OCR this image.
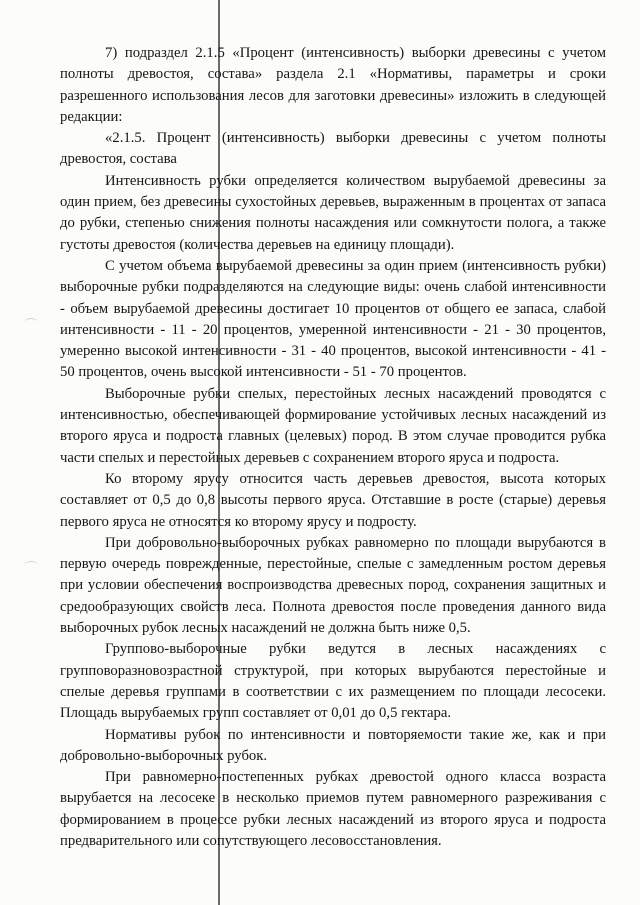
7) подраздел 2.1.5 «Процент (интенсивность) выборки древесины с учетом полноты древостоя, состава» раздела 2.1 «Нормативы, параметры и сроки разрешенного использования лесов для заготовки древесины» изложить в следующей редакции:

«2.1.5. Процент (интенсивность) выборки древесины с учетом полноты древостоя, состава

Интенсивность рубки определяется количеством вырубаемой древесины за один прием, без древесины сухостойных деревьев, выраженным в процентах от запаса до рубки, степенью снижения полноты насаждения или сомкнутости полога, а также густоты древостоя (количества деревьев на единицу площади).

С учетом объема вырубаемой древесины за один прием (интенсивность рубки) выборочные рубки подразделяются на следующие виды: очень слабой интенсивности - объем вырубаемой древесины достигает 10 процентов от общего ее запаса, слабой интенсивности - 11 - 20 процентов, умеренной интенсивности - 21 - 30 процентов, умеренно высокой интенсивности - 31 - 40 процентов, высокой интенсивности - 41 - 50 процентов, очень высокой интенсивности - 51 - 70 процентов.

Выборочные рубки спелых, перестойных лесных насаждений проводятся с интенсивностью, обеспечивающей формирование устойчивых лесных насаждений из второго яруса и подроста главных (целевых) пород. В этом случае проводится рубка части спелых и перестойных деревьев с сохранением второго яруса и подроста.

Ко второму ярусу относится часть деревьев древостоя, высота которых составляет от 0,5 до 0,8 высоты первого яруса. Отставшие в росте (старые) деревья первого яруса не относятся ко второму ярусу и подросту.

При добровольно-выборочных рубках равномерно по площади вырубаются в первую очередь поврежденные, перестойные, спелые с замедленным ростом деревья при условии обеспечения воспроизводства древесных пород, сохранения защитных и средообразующих свойств леса. Полнота древостоя после проведения данного вида выборочных рубок лесных насаждений не должна быть ниже 0,5.

Группово-выборочные рубки ведутся в лесных насаждениях с групповоразновозрастной структурой, при которых вырубаются перестойные и спелые деревья группами в соответствии с их размещением по площади лесосеки. Площадь вырубаемых групп составляет от 0,01 до 0,5 гектара.

Нормативы рубок по интенсивности и повторяемости такие же, как и при добровольно-выборочных рубок.

При равномерно-постепенных рубках древостой одного класса возраста вырубается на лесосеке в несколько приемов путем равномерного разреживания с формированием в процессе рубки лесных насаждений из второго яруса и подроста предварительного или сопутствующего лесовосстановления.
